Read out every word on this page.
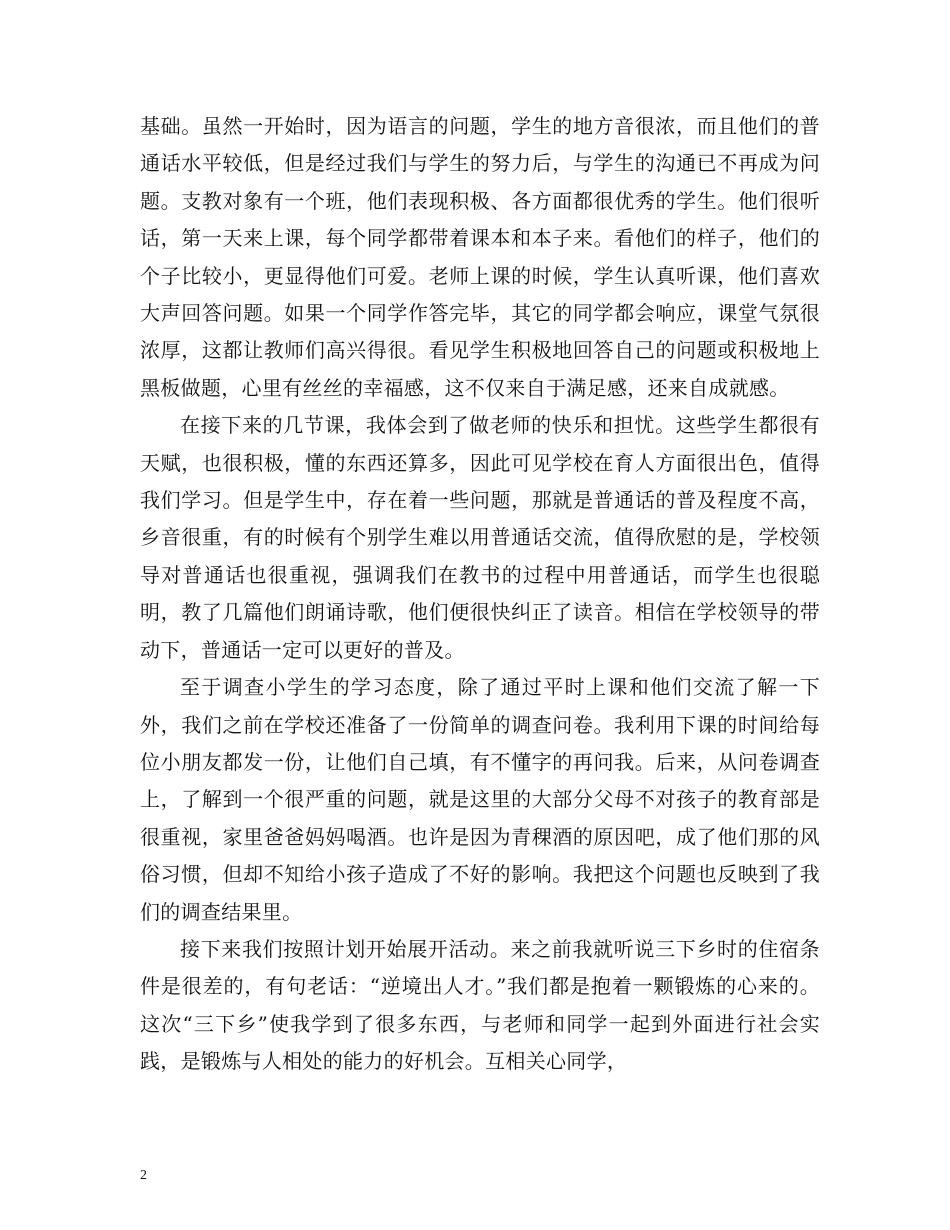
基础。虽然一开始时，因为语言的问题，学生的地方音很浓，而且他们的普通话水平较低，但是经过我们与学生的努力后，与学生的沟通已不再成为问题。支教对象有一个班，他们表现积极、各方面都很优秀的学生。他们很听话，第一天来上课，每个同学都带着课本和本子来。看他们的样子，他们的个子比较小，更显得他们可爱。老师上课的时候，学生认真听课，他们喜欢大声回答问题。如果一个同学作答完毕，其它的同学都会响应，课堂气氛很浓厚，这都让教师们高兴得很。看见学生积极地回答自己的问题或积极地上黑板做题，心里有丝丝的幸福感，这不仅来自于满足感，还来自成就感。

在接下来的几节课，我体会到了做老师的快乐和担忧。这些学生都很有天赋，也很积极，懂的东西还算多，因此可见学校在育人方面很出色，值得我们学习。但是学生中，存在着一些问题，那就是普通话的普及程度不高，乡音很重，有的时候有个别学生难以用普通话交流，值得欣慰的是，学校领导对普通话也很重视，强调我们在教书的过程中用普通话，而学生也很聪明，教了几篇他们朗诵诗歌，他们便很快纠正了读音。相信在学校领导的带动下，普通话一定可以更好的普及。

至于调查小学生的学习态度，除了通过平时上课和他们交流了解一下外，我们之前在学校还准备了一份简单的调查问卷。我利用下课的时间给每位小朋友都发一份，让他们自己填，有不懂字的再问我。后来，从问卷调查上，了解到一个很严重的问题，就是这里的大部分父母不对孩子的教育部是很重视，家里爸爸妈妈喝酒。也许是因为青稞酒的原因吧，成了他们那的风俗习惯，但却不知给小孩子造成了不好的影响。我把这个问题也反映到了我们的调查结果里。

接下来我们按照计划开始展开活动。来之前我就听说三下乡时的住宿条件是很差的，有句老话：“逆境出人才。”我们都是抱着一颗锻炼的心来的。这次“三下乡”使我学到了很多东西，与老师和同学一起到外面进行社会实践，是锻炼与人相处的能力的好机会。互相关心同学，

2
